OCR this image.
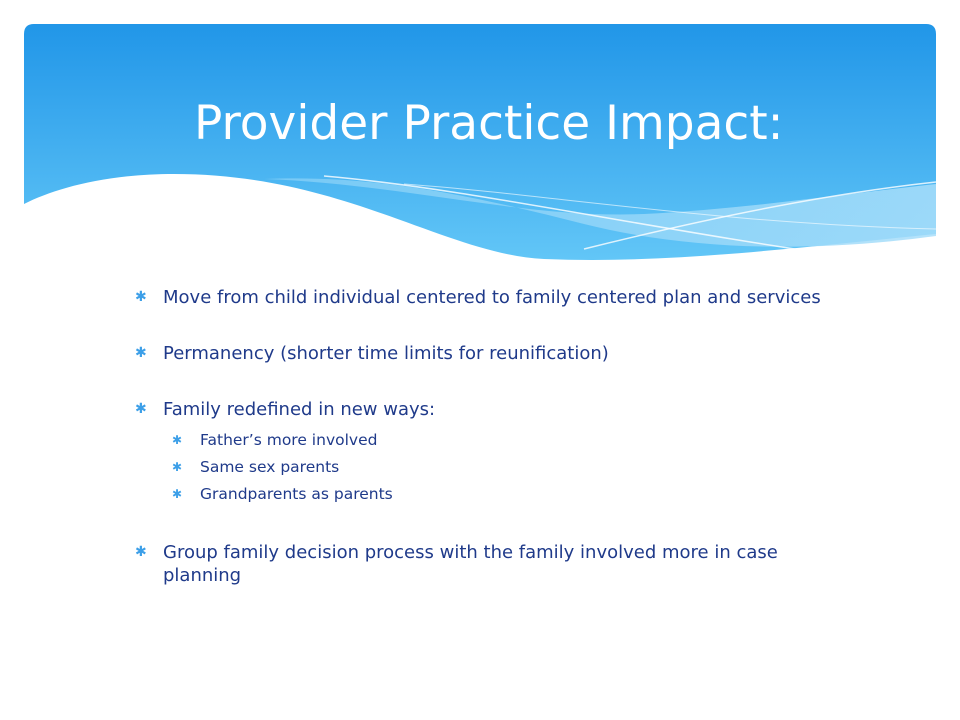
Provider Practice Impact:
✱ Move from child individual centered to family centered plan and services
✱ Permanency (shorter time limits for reunification)
✱ Family redefined in new ways:
✱ Father’s more involved
✱ Same sex parents
✱ Grandparents as parents
✱ Group family decision process with the family involved more in case planning
